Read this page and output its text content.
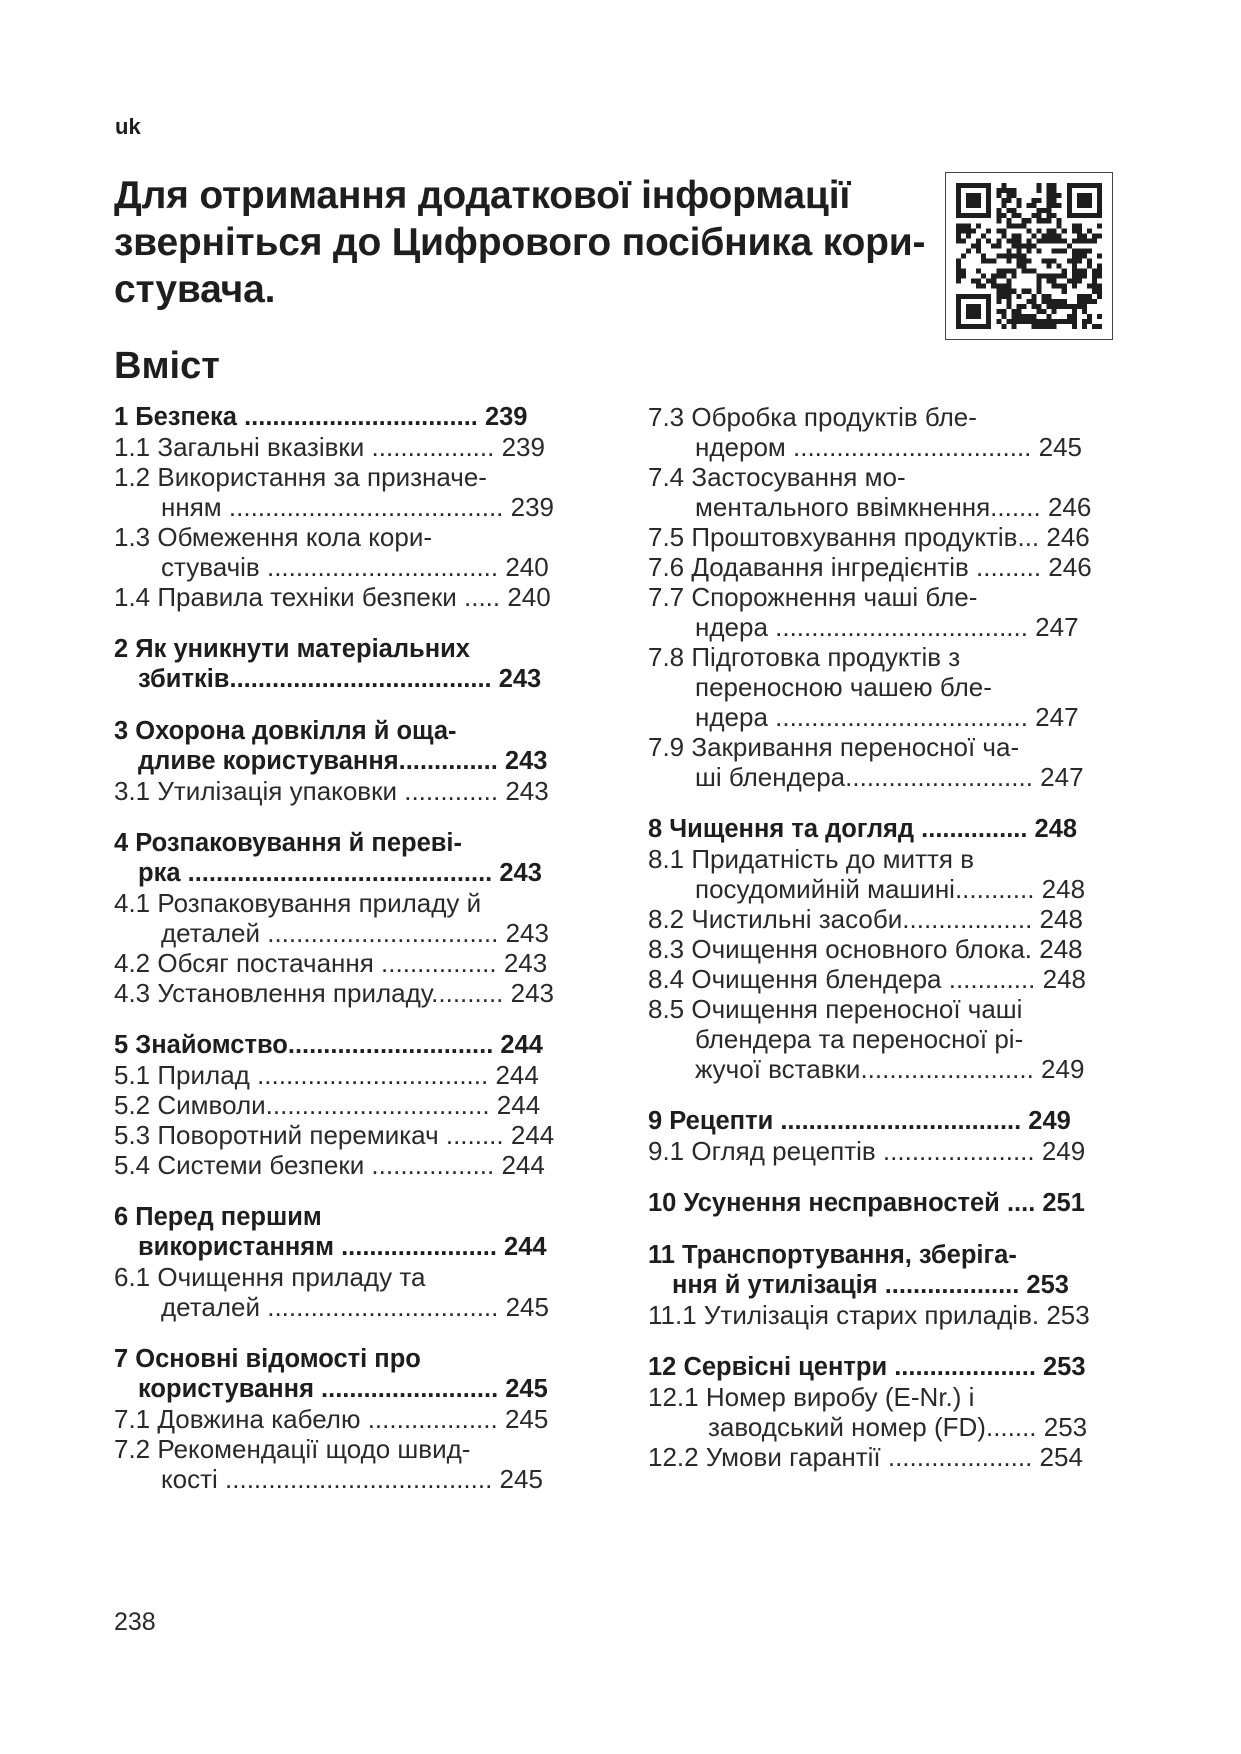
uk
Для отримання додаткової інформації
зверніться до Цифрового посібника кори-
стувача.
Вміст
1 Безпека ................................. 239
1.1 Загальні вказівки ................. 239
1.2 Використання за призначе-
нням ...................................... 239
1.3 Обмеження кола кори-
стувачів ................................ 240
1.4 Правила техніки безпеки ..... 240
2 Як уникнути матеріальних
збитків..................................... 243
3 Охорона довкілля й оща-
дливе користування.............. 243
3.1 Утилізація упаковки ............. 243
4 Розпаковування й переві-
рка ........................................... 243
4.1 Розпаковування приладу й
деталей ................................ 243
4.2 Обсяг постачання ................ 243
4.3 Установлення приладу.......... 243
5 Знайомство............................. 244
5.1 Прилад ................................ 244
5.2 Символи............................... 244
5.3 Поворотний перемикач ........ 244
5.4 Системи безпеки ................. 244
6 Перед першим
використанням ...................... 244
6.1 Очищення приладу та
деталей ................................ 245
7 Основні відомості про
користування ......................... 245
7.1 Довжина кабелю .................. 245
7.2 Рекомендації щодо швид-
кості ..................................... 245
7.3 Обробка продуктів бле-
ндером ................................. 245
7.4 Застосування мо-
ментального ввімкнення....... 246
7.5 Проштовхування продуктів... 246
7.6 Додавання інгредієнтів ......... 246
7.7 Спорожнення чаші бле-
ндера ................................... 247
7.8 Підготовка продуктів з
переносною чашею бле-
ндера ................................... 247
7.9 Закривання переносної ча-
ші блендера.......................... 247
8 Чищення та догляд ............... 248
8.1 Придатність до миття в
посудомийній машині........... 248
8.2 Чистильні засоби.................. 248
8.3 Очищення основного блока. 248
8.4 Очищення блендера ............ 248
8.5 Очищення переносної чаші
блендера та переносної рі-
жучої вставки........................ 249
9 Рецепти .................................. 249
9.1 Огляд рецептів ..................... 249
10 Усунення несправностей .... 251
11 Транспортування, зберіга-
ння й утилізація ................... 253
11.1 Утилізація старих приладів. 253
12 Сервісні центри .................... 253
12.1 Номер виробу (E-Nr.) і
заводський номер (FD)....... 253
12.2 Умови гарантії .................... 254
238
